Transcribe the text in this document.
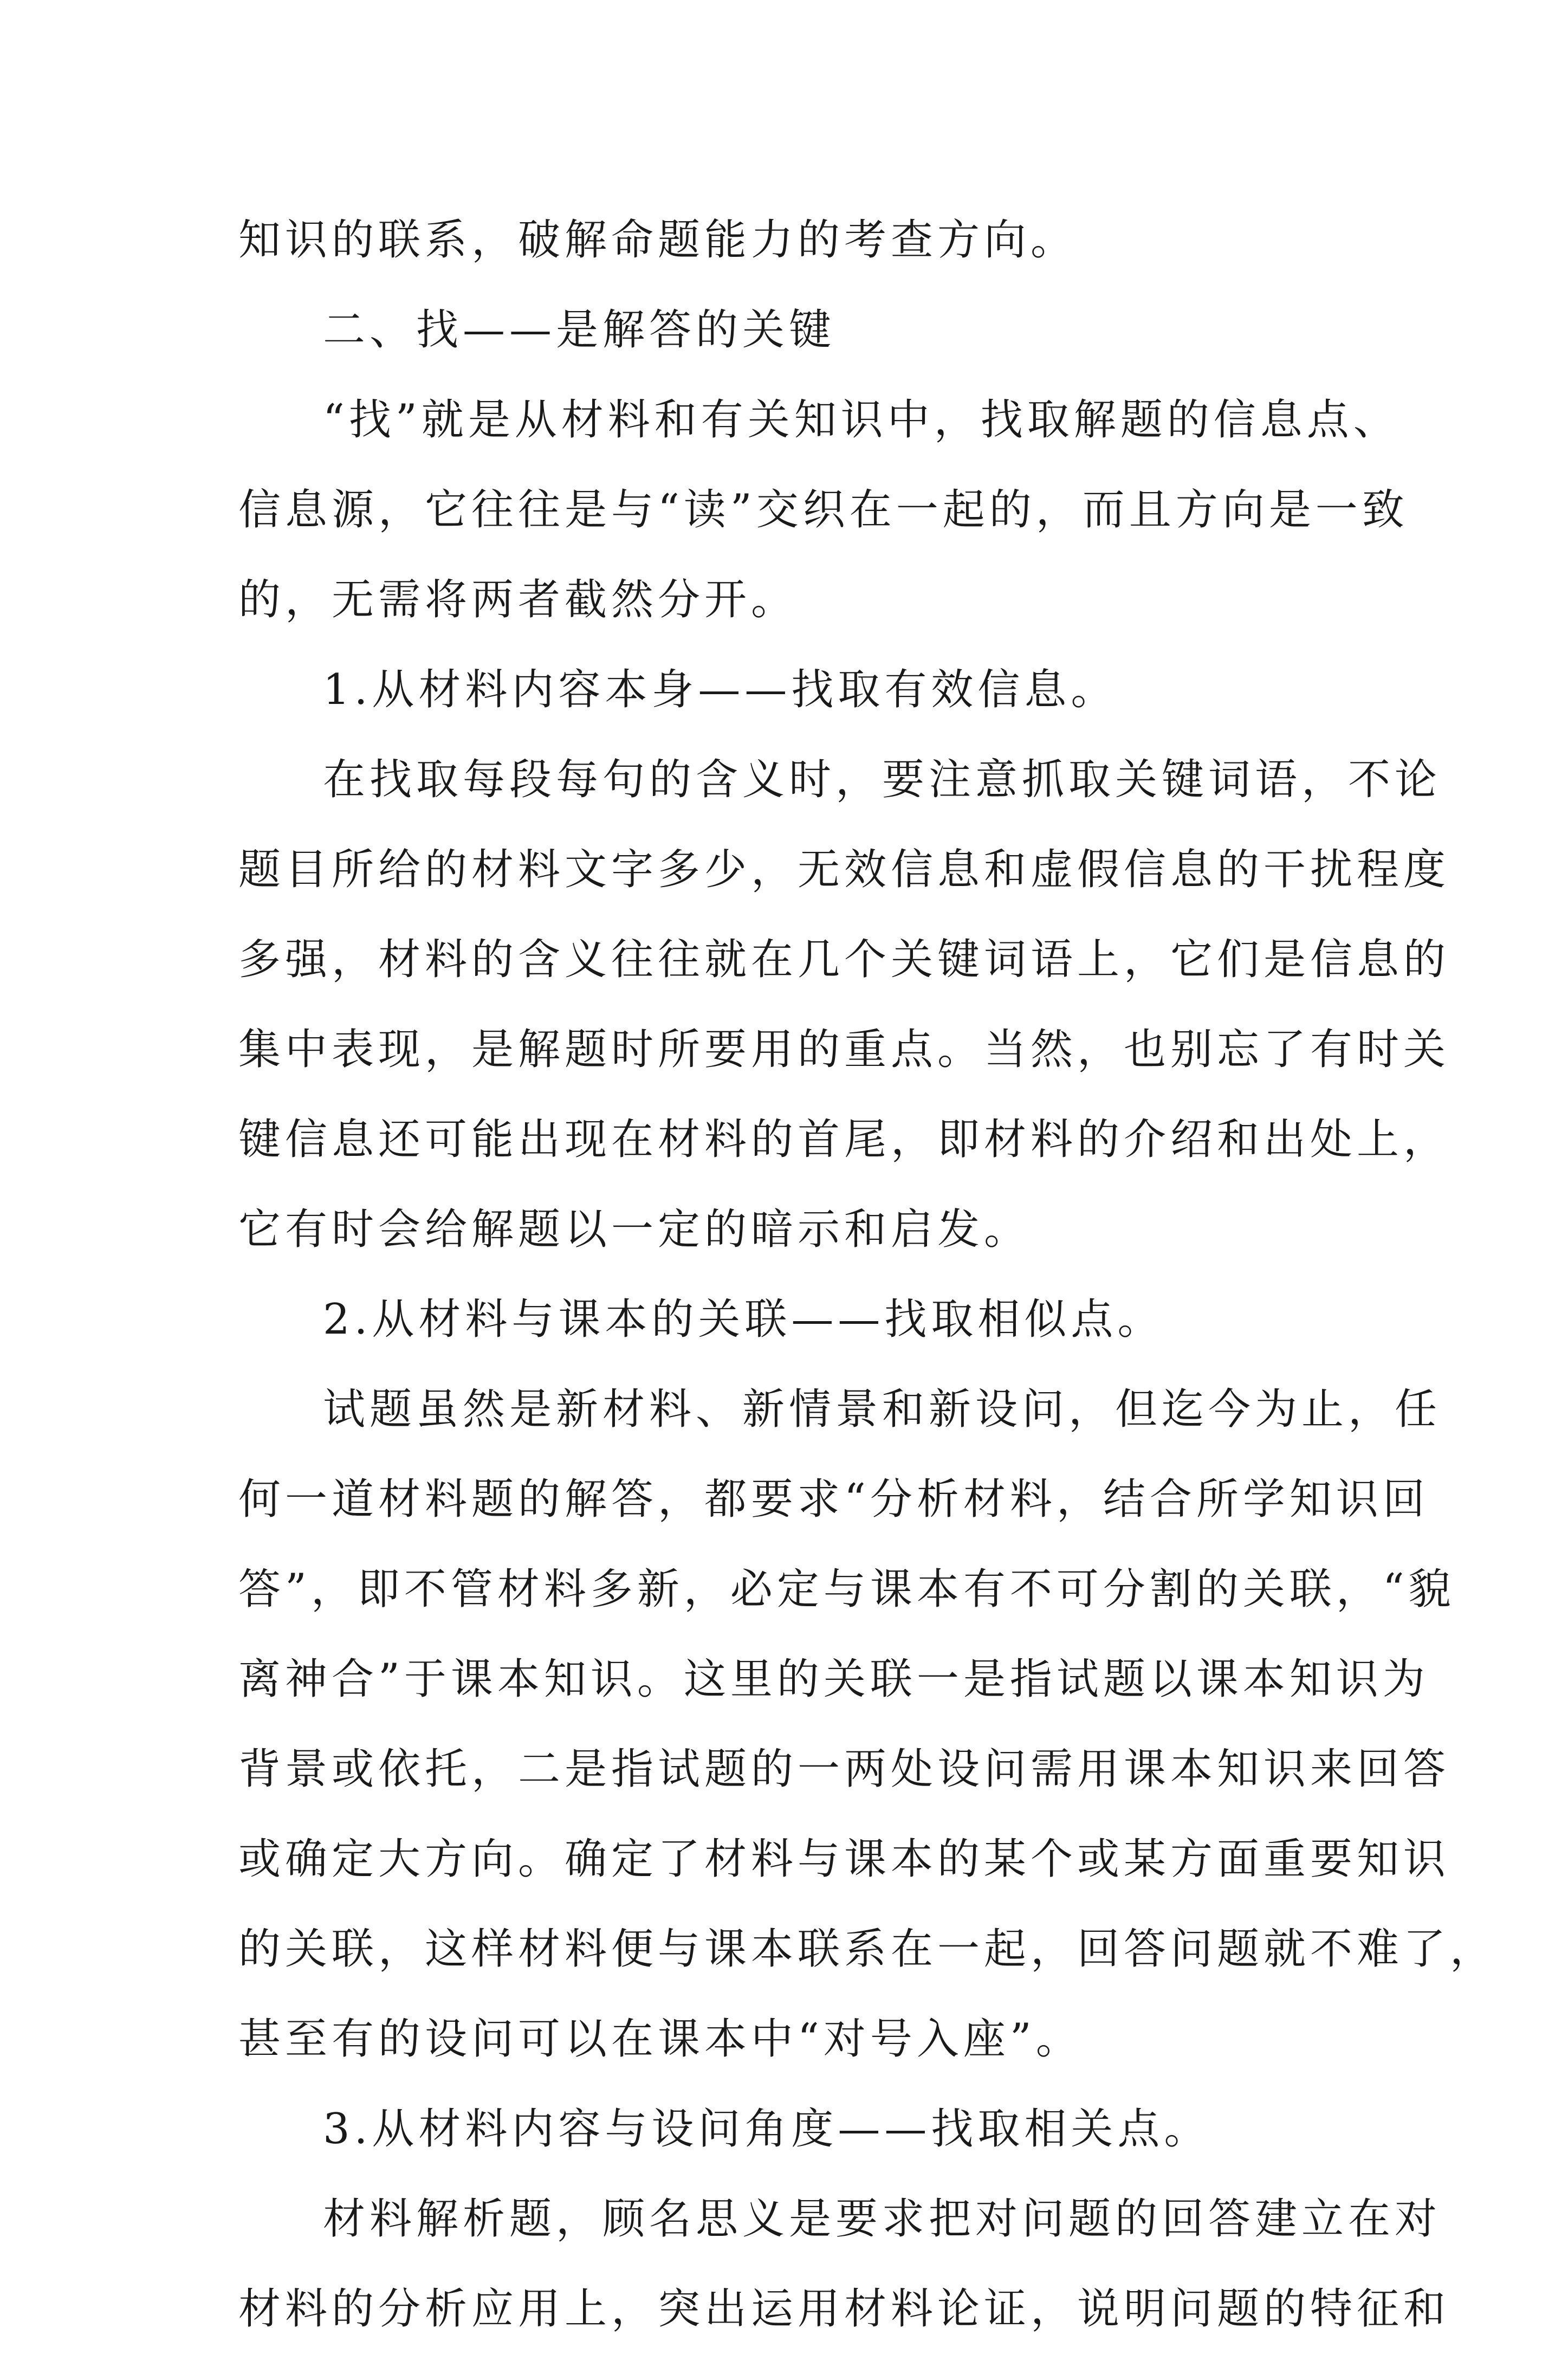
知识的联系，破解命题能力的考查方向。
二、找——是解答的关键
“找”就是从材料和有关知识中，找取解题的信息点、
信息源，它往往是与“读”交织在一起的，而且方向是一致
的，无需将两者截然分开。
1.从材料内容本身——找取有效信息。
在找取每段每句的含义时，要注意抓取关键词语，不论
题目所给的材料文字多少，无效信息和虚假信息的干扰程度
多强，材料的含义往往就在几个关键词语上，它们是信息的
集中表现，是解题时所要用的重点。当然，也别忘了有时关
键信息还可能出现在材料的首尾，即材料的介绍和出处上，
它有时会给解题以一定的暗示和启发。
2.从材料与课本的关联——找取相似点。
试题虽然是新材料、新情景和新设问，但迄今为止，任
何一道材料题的解答，都要求“分析材料，结合所学知识回
答”，即不管材料多新，必定与课本有不可分割的关联，“貌
离神合”于课本知识。这里的关联一是指试题以课本知识为
背景或依托，二是指试题的一两处设问需用课本知识来回答
或确定大方向。确定了材料与课本的某个或某方面重要知识
的关联，这样材料便与课本联系在一起，回答问题就不难了，
甚至有的设问可以在课本中“对号入座”。
3.从材料内容与设问角度——找取相关点。
材料解析题，顾名思义是要求把对问题的回答建立在对
材料的分析应用上，突出运用材料论证，说明问题的特征和
